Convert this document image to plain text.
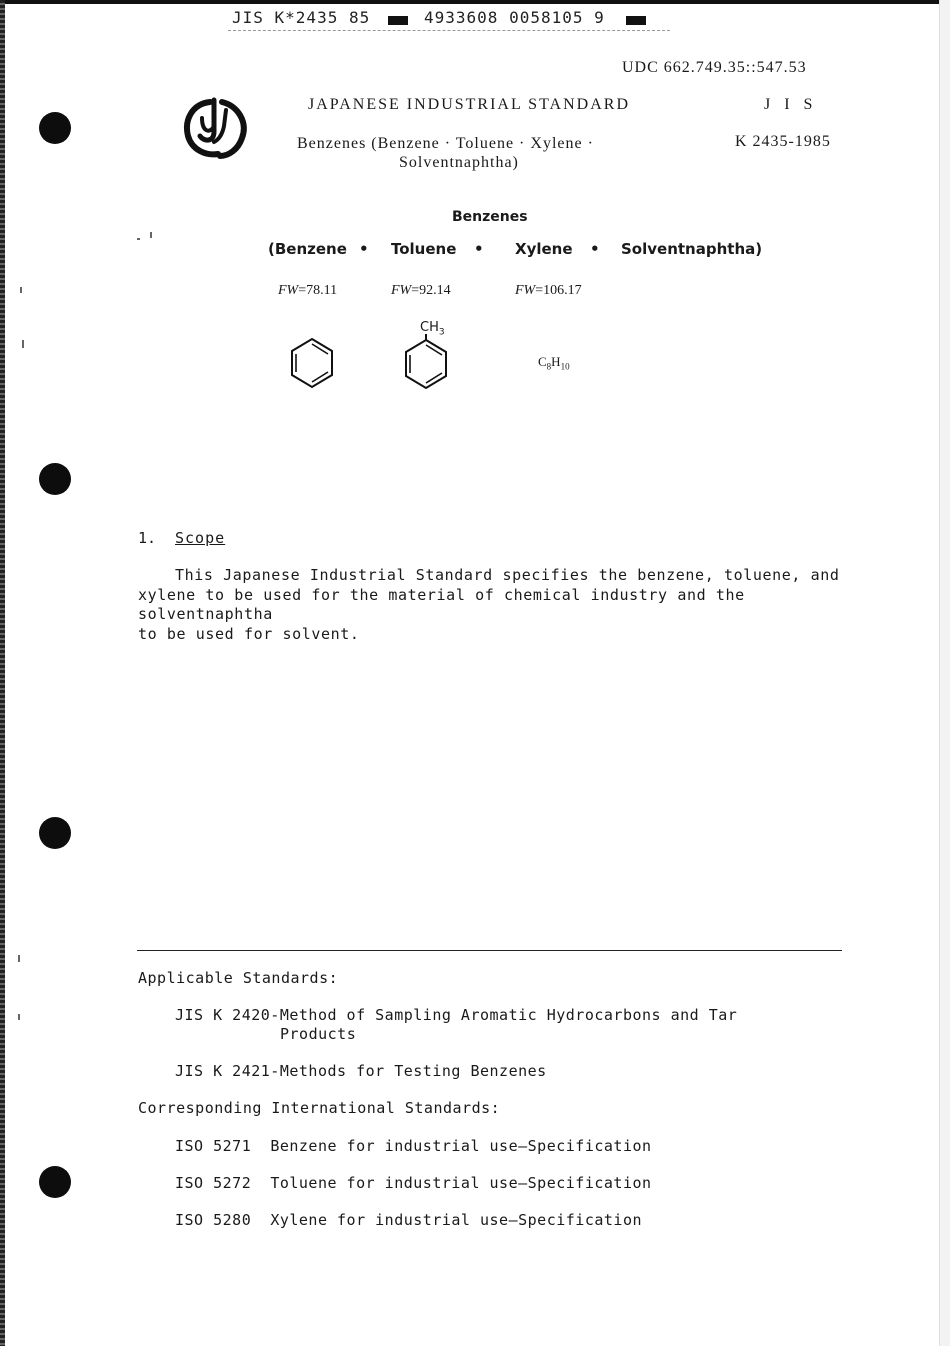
JIS K*2435 85	4933608 0058105 9
UDC 662.749.35::547.53
JAPANESE INDUSTRIAL STANDARD	J I S
Benzenes (Benzene · Toluene · Xylene ·
Solventnaphtha)
K 2435-1985
Benzenes
(Benzene • Toluene • Xylene • Solventnaphtha)
FW=78.11	FW=92.14	FW=106.17
$CH_3$
$C_8H_{10}$
1. Scope
This Japanese Industrial Standard specifies the benzene, toluene, and
xylene to be used for the material of chemical industry and the solventnaphtha
to be used for solvent.
Applicable Standards:
JIS K 2420-Method of Sampling Aromatic Hydrocarbons and Tar
Products
JIS K 2421-Methods for Testing Benzenes
Corresponding International Standards:
ISO 5271 Benzene for industrial use—Specification
ISO 5272 Toluene for industrial use—Specification
ISO 5280 Xylene for industrial use—Specification
